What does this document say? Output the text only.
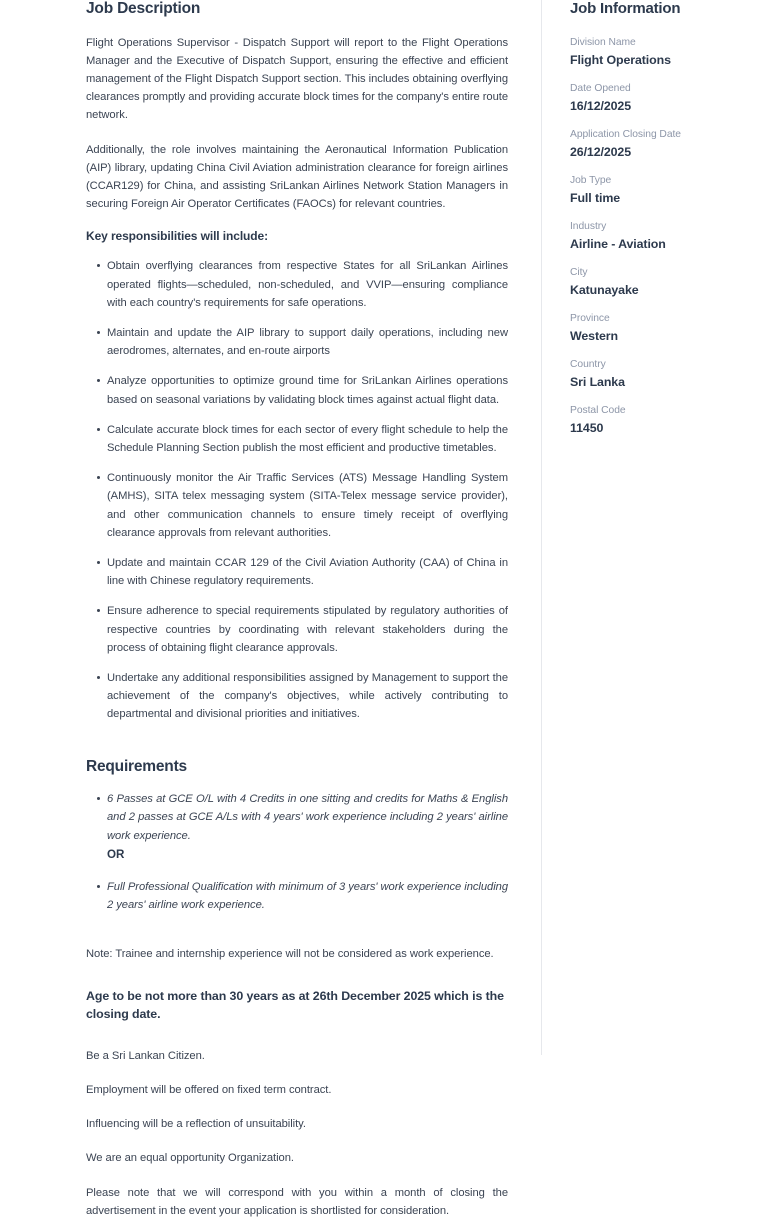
Job Description

Flight Operations Supervisor - Dispatch Support will report to the Flight Operations Manager and the Executive of Dispatch Support, ensuring the effective and efficient management of the Flight Dispatch Support section. This includes obtaining overflying clearances promptly and providing accurate block times for the company's entire route network.

Additionally, the role involves maintaining the Aeronautical Information Publication (AIP) library, updating China Civil Aviation administration clearance for foreign airlines (CCAR129) for China, and assisting SriLankan Airlines Network Station Managers in securing Foreign Air Operator Certificates (FAOCs) for relevant countries.

Key responsibilities will include:

Obtain overflying clearances from respective States for all SriLankan Airlines operated flights—scheduled, non-scheduled, and VVIP—ensuring compliance with each country's requirements for safe operations.
Maintain and update the AIP library to support daily operations, including new aerodromes, alternates, and en-route airports
Analyze opportunities to optimize ground time for SriLankan Airlines operations based on seasonal variations by validating block times against actual flight data.
Calculate accurate block times for each sector of every flight schedule to help the Schedule Planning Section publish the most efficient and productive timetables.
Continuously monitor the Air Traffic Services (ATS) Message Handling System (AMHS), SITA telex messaging system (SITA-Telex message service provider), and other communication channels to ensure timely receipt of overflying clearance approvals from relevant authorities.
Update and maintain CCAR 129 of the Civil Aviation Authority (CAA) of China in line with Chinese regulatory requirements.
Ensure adherence to special requirements stipulated by regulatory authorities of respective countries by coordinating with relevant stakeholders during the process of obtaining flight clearance approvals.
Undertake any additional responsibilities assigned by Management to support the achievement of the company's objectives, while actively contributing to departmental and divisional priorities and initiatives.
Requirements
6 Passes at GCE O/L with 4 Credits in one sitting and credits for Maths & English and 2 passes at GCE A/Ls with 4 years' work experience including 2 years' airline work experience.
OR
Full Professional Qualification with minimum of 3 years' work experience including 2 years' airline work experience.

Note: Trainee and internship experience will not be considered as work experience.

Age to be not more than 30 years as at 26th December 2025 which is the closing date.

Be a Sri Lankan Citizen.

Employment will be offered on fixed term contract.

Influencing will be a reflection of unsuitability.

We are an equal opportunity Organization.

Please note that we will correspond with you within a month of closing the advertisement in the event your application is shortlisted for consideration.

Job Information
Division Name
Flight Operations
Date Opened
16/12/2025
Application Closing Date
26/12/2025
Job Type
Full time
Industry
Airline - Aviation
City
Katunayake
Province
Western
Country
Sri Lanka
Postal Code
11450
